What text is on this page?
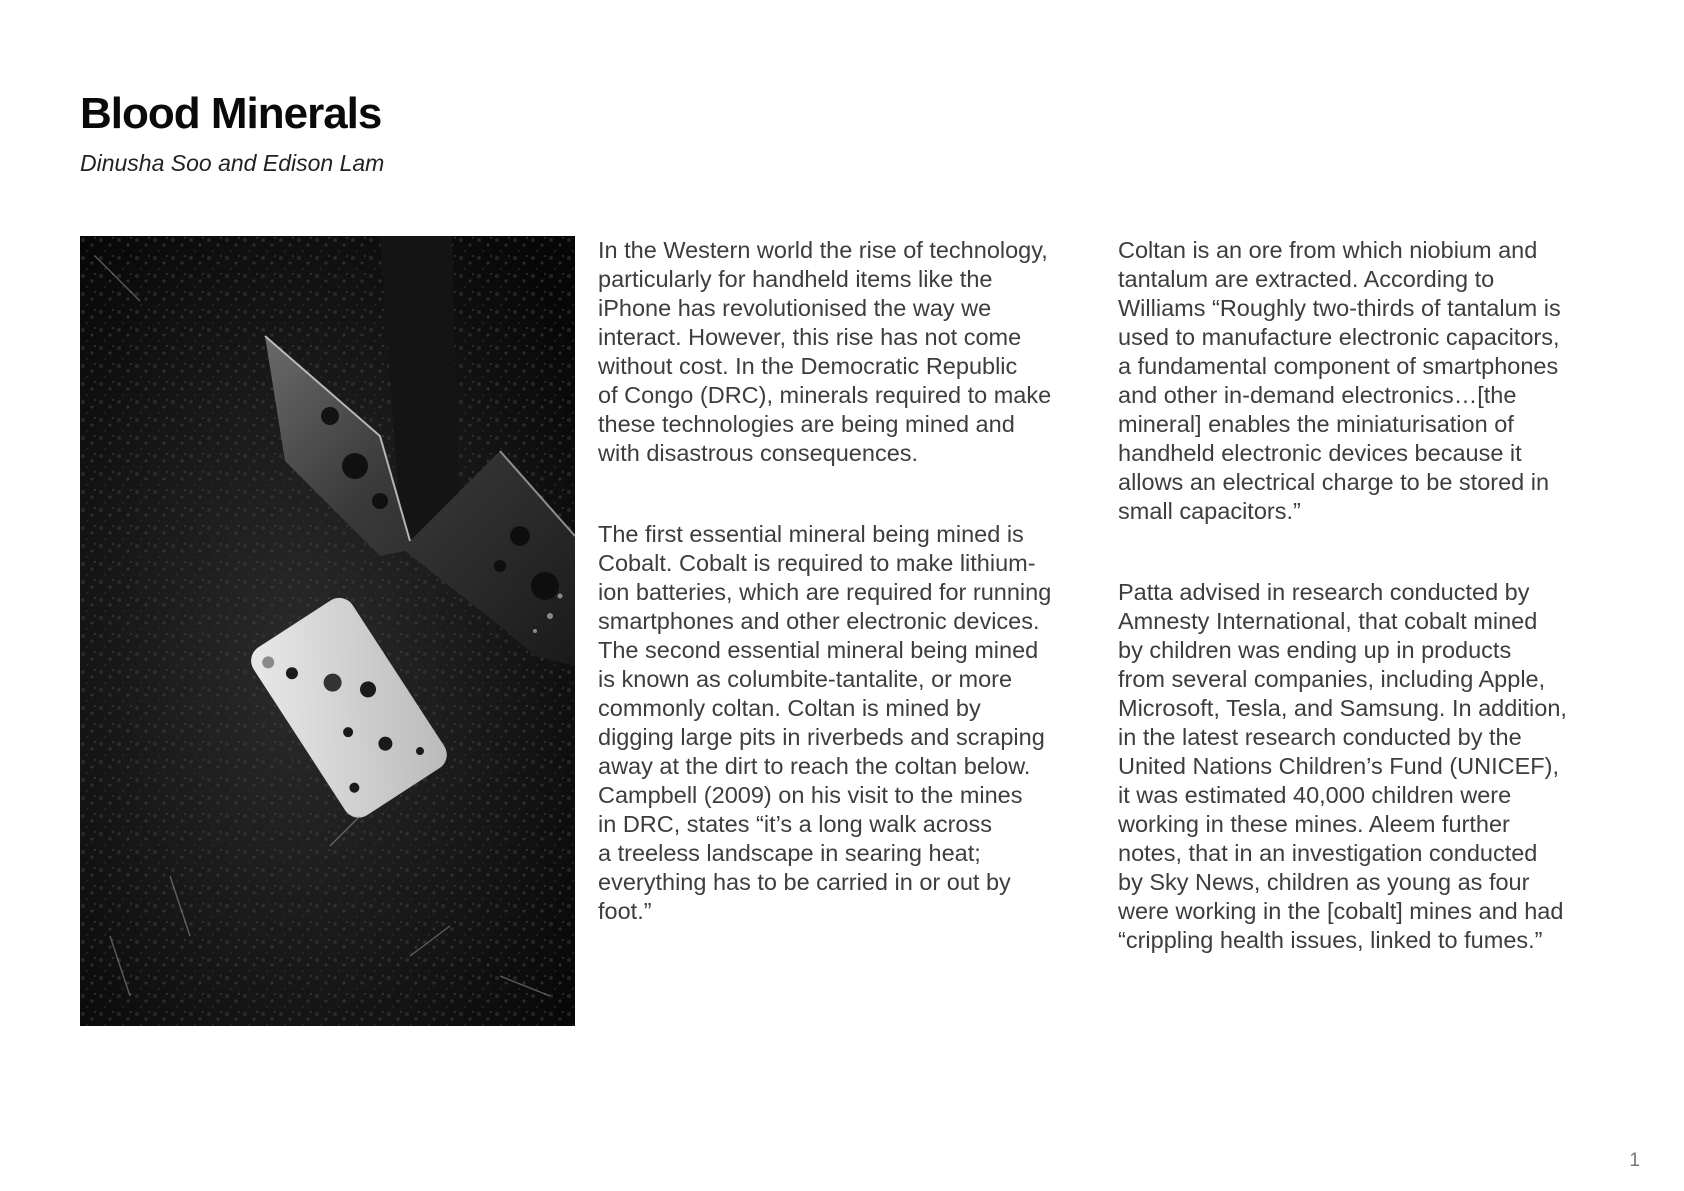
Blood Minerals

Dinusha Soo and Edison Lam

In the Western world the rise of technology,
particularly for handheld items like the
iPhone has revolutionised the way we
interact. However, this rise has not come
without cost. In the Democratic Republic
of Congo (DRC), minerals required to make
these technologies are being mined and
with disastrous consequences.

The first essential mineral being mined is
Cobalt. Cobalt is required to make lithium-
ion batteries, which are required for running
smartphones and other electronic devices.
The second essential mineral being mined
is known as columbite-tantalite, or more
commonly coltan. Coltan is mined by
digging large pits in riverbeds and scraping
away at the dirt to reach the coltan below.
Campbell (2009) on his visit to the mines
in DRC, states “it’s a long walk across
a treeless landscape in searing heat;
everything has to be carried in or out by
foot.”

Coltan is an ore from which niobium and
tantalum are extracted. According to
Williams “Roughly two-thirds of tantalum is
used to manufacture electronic capacitors,
a fundamental component of smartphones
and other in-demand electronics…[the
mineral] enables the miniaturisation of
handheld electronic devices because it
allows an electrical charge to be stored in
small capacitors.”

Patta advised in research conducted by
Amnesty International, that cobalt mined
by children was ending up in products
from several companies, including Apple,
Microsoft, Tesla, and Samsung. In addition,
in the latest research conducted by the
United Nations Children’s Fund (UNICEF),
it was estimated 40,000 children were
working in these mines. Aleem further
notes, that in an investigation conducted
by Sky News, children as young as four
were working in the [cobalt] mines and had
“crippling health issues, linked to fumes.”

1
